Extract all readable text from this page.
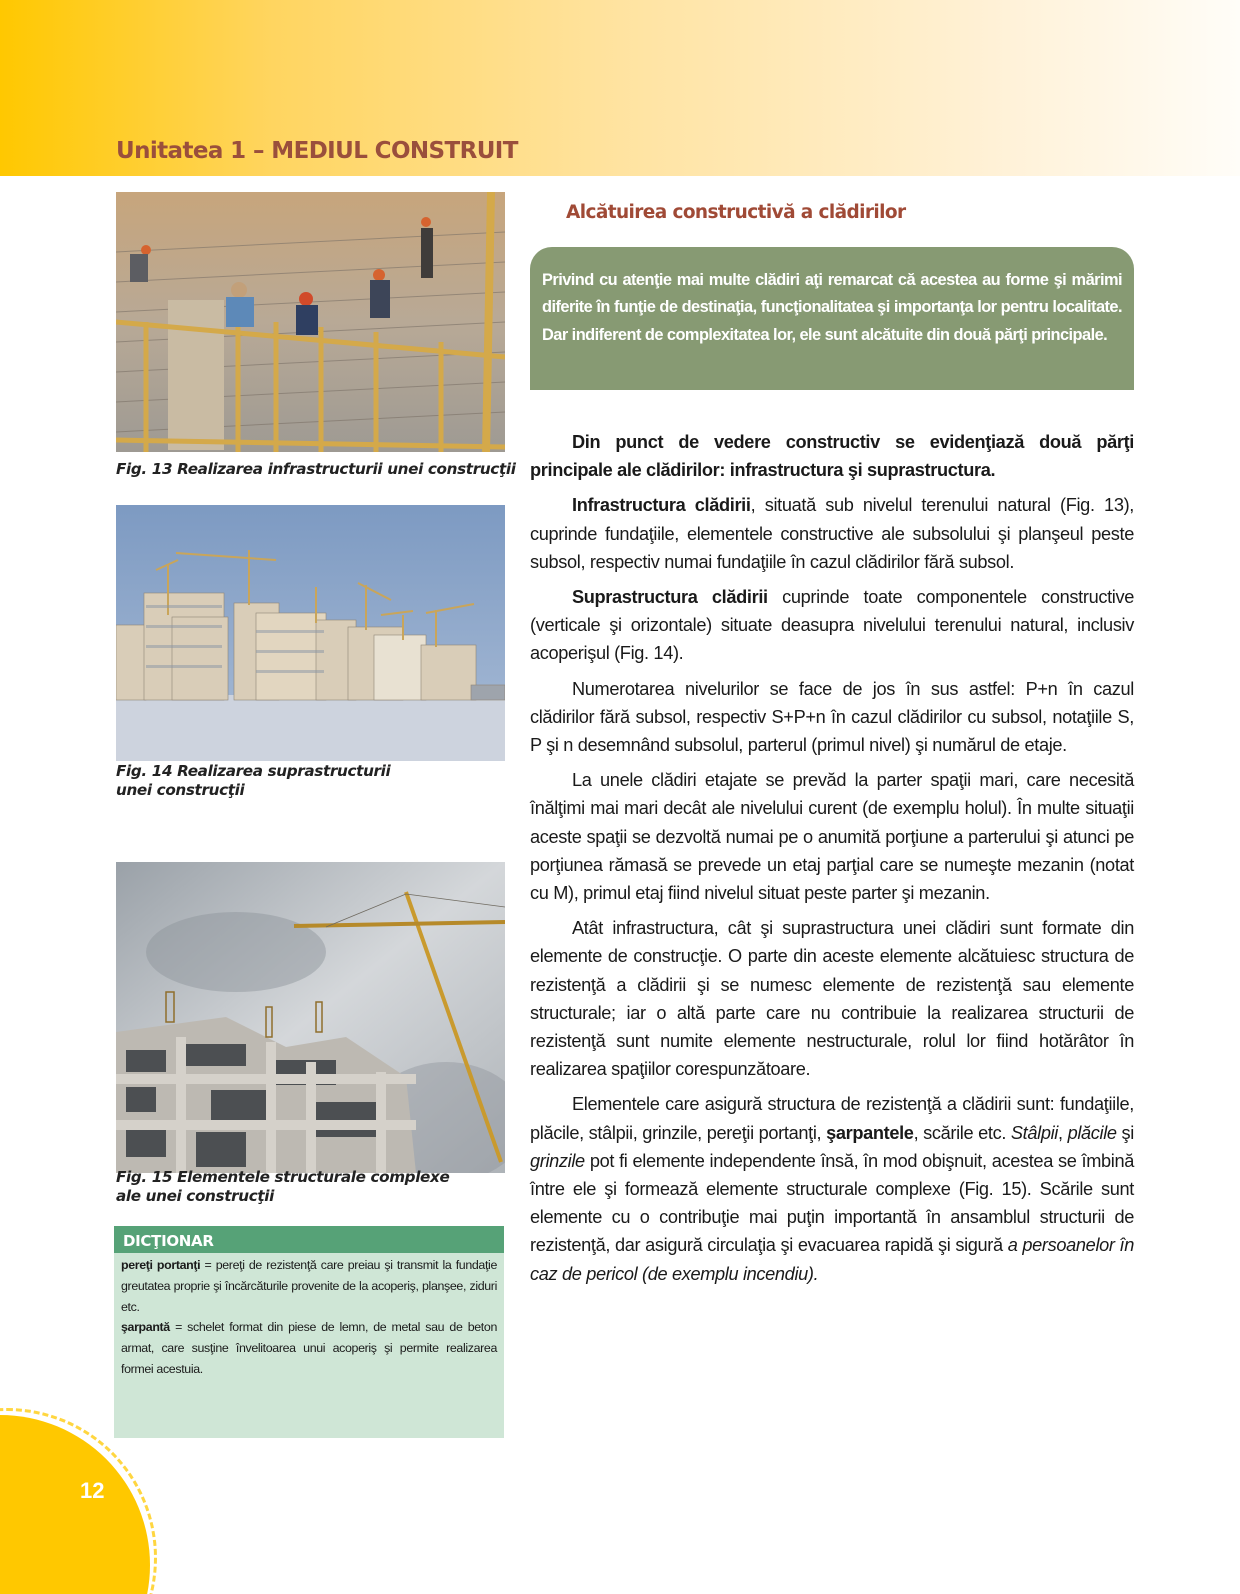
Unitatea 1 – MEDIUL CONSTRUIT
Fig. 13 Realizarea infrastructurii unei construcţii
Fig. 14 Realizarea suprastructurii unei construcţii
Fig. 15 Elementele structurale complexe ale unei construcţii
DICŢIONAR

pereţi portanţi = pereţi de rezistenţă care preiau şi transmit la fundaţie greutatea proprie şi încărcăturile provenite de la acoperiş, planşee, ziduri etc.

şarpantă = schelet format din piese de lemn, de metal sau de beton armat, care susţine învelitoarea unui acoperiş şi permite realizarea formei acestuia.

12
Alcătuirea constructivă a clădirilor

Privind cu atenţie mai multe clădiri aţi remarcat că acestea au forme şi mărimi diferite în funţie de destinaţia, funcţionalitatea şi importanţa lor pentru localitate. Dar indiferent de complexitatea lor, ele sunt alcătuite din două părţi principale.

Din punct de vedere constructiv se evidenţiază două părţi principale ale clădirilor: infrastructura şi suprastructura.

Infrastructura clădirii, situată sub nivelul terenului natural (Fig. 13), cuprinde fundaţiile, elementele constructive ale subsolului şi planşeul peste subsol, respectiv numai fundaţiile în cazul clădirilor fără subsol.

Suprastructura clădirii cuprinde toate componentele constructive (verticale şi orizontale) situate deasupra nivelului terenului natural, inclusiv acoperişul (Fig. 14).

Numerotarea nivelurilor se face de jos în sus astfel: P+n în cazul clădirilor fără subsol, respectiv S+P+n în cazul clădirilor cu subsol, notaţiile S, P şi n desemnând subsolul, parterul (primul nivel) şi numărul de etaje.

La unele clădiri etajate se prevăd la parter spaţii mari, care necesită înălţimi mai mari decât ale nivelului curent (de exemplu holul). În multe situaţii aceste spaţii se dezvoltă numai pe o anumită porţiune a parterului şi atunci pe porţiunea rămasă se prevede un etaj parţial care se numeşte mezanin (notat cu M), primul etaj fiind nivelul situat peste parter şi mezanin.

Atât infrastructura, cât şi suprastructura unei clădiri sunt formate din elemente de construcţie. O parte din aceste elemente alcătuiesc structura de rezistenţă a clădirii şi se numesc elemente de rezistenţă sau elemente structurale; iar o altă parte care nu contribuie la realizarea structurii de rezistenţă sunt numite elemente nestructurale, rolul lor fiind hotărâtor în realizarea spaţiilor corespunzătoare.

Elementele care asigură structura de rezistenţă a clădirii sunt: fundaţiile, plăcile, stâlpii, grinzile, pereţii portanţi, şarpantele, scările etc. Stâlpii, plăcile şi grinzile pot fi elemente independente însă, în mod obişnuit, acestea se îmbină între ele şi formează elemente structurale complexe (Fig. 15). Scările sunt elemente cu o contribuţie mai puţin importantă în ansamblul structurii de rezistenţă, dar asigură circulaţia şi evacuarea rapidă şi sigură a persoanelor în caz de pericol (de exemplu incendiu).
